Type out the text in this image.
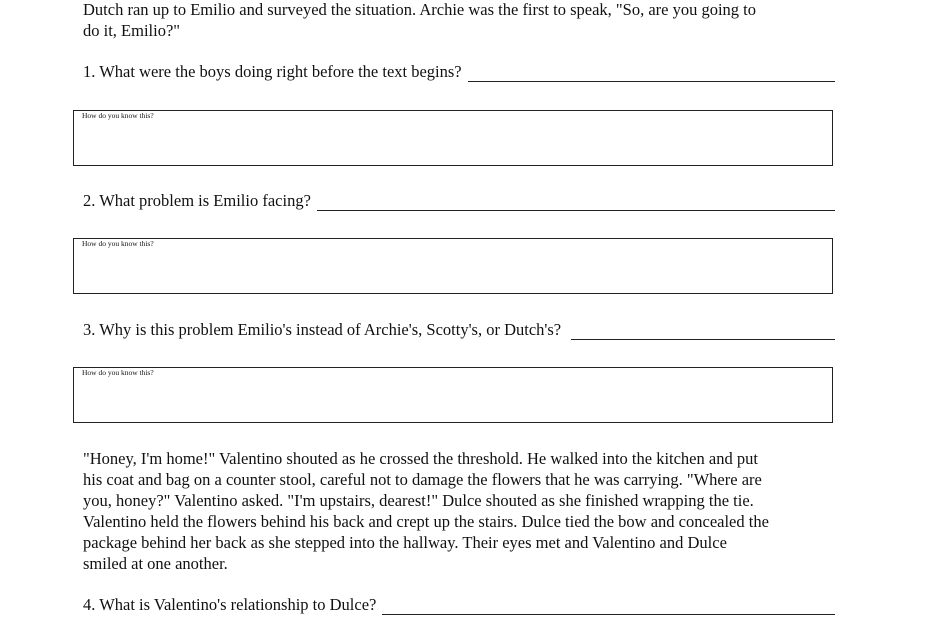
Dutch ran up to Emilio and surveyed the situation. Archie was the first to speak, "So, are you going to
do it, Emilio?"
1. What were the boys doing right before the text begins?
How do you know this?
2. What problem is Emilio facing?
How do you know this?
3. Why is this problem Emilio's instead of Archie's, Scotty's, or Dutch's?
How do you know this?
"Honey, I'm home!" Valentino shouted as he crossed the threshold. He walked into the kitchen and put
his coat and bag on a counter stool, careful not to damage the flowers that he was carrying. "Where are
you, honey?" Valentino asked. "I'm upstairs, dearest!" Dulce shouted as she finished wrapping the tie.
Valentino held the flowers behind his back and crept up the stairs. Dulce tied the bow and concealed the
package behind her back as she stepped into the hallway. Their eyes met and Valentino and Dulce
smiled at one another.
4. What is Valentino's relationship to Dulce?
